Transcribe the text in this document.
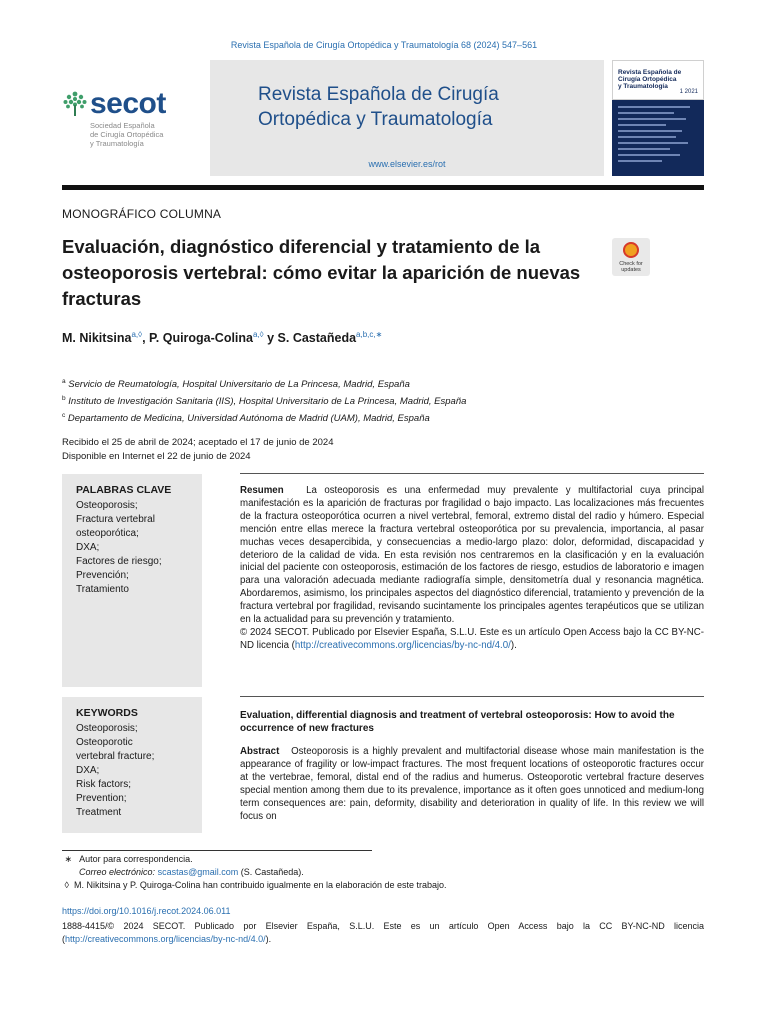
Revista Española de Cirugía Ortopédica y Traumatología 68 (2024) 547–561
secot
Sociedad Española
de Cirugía Ortopédica
y Traumatología
Revista Española de Cirugía
Ortopédica y Traumatología
www.elsevier.es/rot
Revista Española de
Cirugía Ortopédica
y Traumatología
1 2021
MONOGRÁFICO COLUMNA
Evaluación, diagnóstico diferencial y tratamiento de la osteoporosis vertebral: cómo evitar la aparición de nuevas fracturas
Check for
updates
M. Nikitsina$^{a,◊}$, P. Quiroga-Colina$^{a,◊}$ y S. Castañeda$^{a,b,c,∗}$
$^a$ Servicio de Reumatología, Hospital Universitario de La Princesa, Madrid, España
$^b$ Instituto de Investigación Sanitaria (IIS), Hospital Universitario de La Princesa, Madrid, España
$^c$ Departamento de Medicina, Universidad Autónoma de Madrid (UAM), Madrid, España
Recibido el 25 de abril de 2024; aceptado el 17 de junio de 2024
Disponible en Internet el 22 de junio de 2024
PALABRAS CLAVE
Osteoporosis;
Fractura vertebral
osteoporótica;
DXA;
Factores de riesgo;
Prevención;
Tratamiento
Resumen La osteoporosis es una enfermedad muy prevalente y multifactorial cuya principal manifestación es la aparición de fracturas por fragilidad o bajo impacto. Las localizaciones más frecuentes de la fractura osteoporótica ocurren a nivel vertebral, femoral, extremo distal del radio y húmero. Especial mención entre ellas merece la fractura vertebral osteoporótica por su prevalencia, importancia, al pasar muchas veces desapercibida, y consecuencias a medio-largo plazo: dolor, deformidad, discapacidad y deterioro de la calidad de vida. En esta revisión nos centraremos en la clasificación y en la evaluación inicial del paciente con osteoporosis, estimación de los factores de riesgo, estudios de laboratorio e imagen para una valoración adecuada mediante radiografía simple, densitometría dual y resonancia magnética. Abordaremos, asimismo, los principales aspectos del diagnóstico diferencial, tratamiento y prevención de la fractura vertebral por fragilidad, revisando sucintamente los principales agentes terapéuticos que se utilizan en la actualidad para su prevención y tratamiento.
© 2024 SECOT. Publicado por Elsevier España, S.L.U. Este es un artículo Open Access bajo la CC BY-NC-ND licencia (http://creativecommons.org/licencias/by-nc-nd/4.0/).
KEYWORDS
Osteoporosis;
Osteoporotic
vertebral fracture;
DXA;
Risk factors;
Prevention;
Treatment
Evaluation, differential diagnosis and treatment of vertebral osteoporosis: How to avoid the occurrence of new fractures
Abstract Osteoporosis is a highly prevalent and multifactorial disease whose main manifestation is the appearance of fragility or low-impact fractures. The most frequent locations of osteoporotic fractures occur at the vertebrae, femoral, distal end of the radius and humerus. Osteoporotic vertebral fracture deserves special mention among them due to its prevalence, importance as it often goes unnoticed and medium-long term consequences are: pain, deformity, disability and deterioration in quality of life. In this review we will focus on
∗ Autor para correspondencia.
Correo electrónico: scastas@gmail.com (S. Castañeda).
◊ M. Nikitsina y P. Quiroga-Colina han contribuido igualmente en la elaboración de este trabajo.
https://doi.org/10.1016/j.recot.2024.06.011
1888-4415/© 2024 SECOT. Publicado por Elsevier España, S.L.U. Este es un artículo Open Access bajo la CC BY-NC-ND licencia (http://creativecommons.org/licencias/by-nc-nd/4.0/).
